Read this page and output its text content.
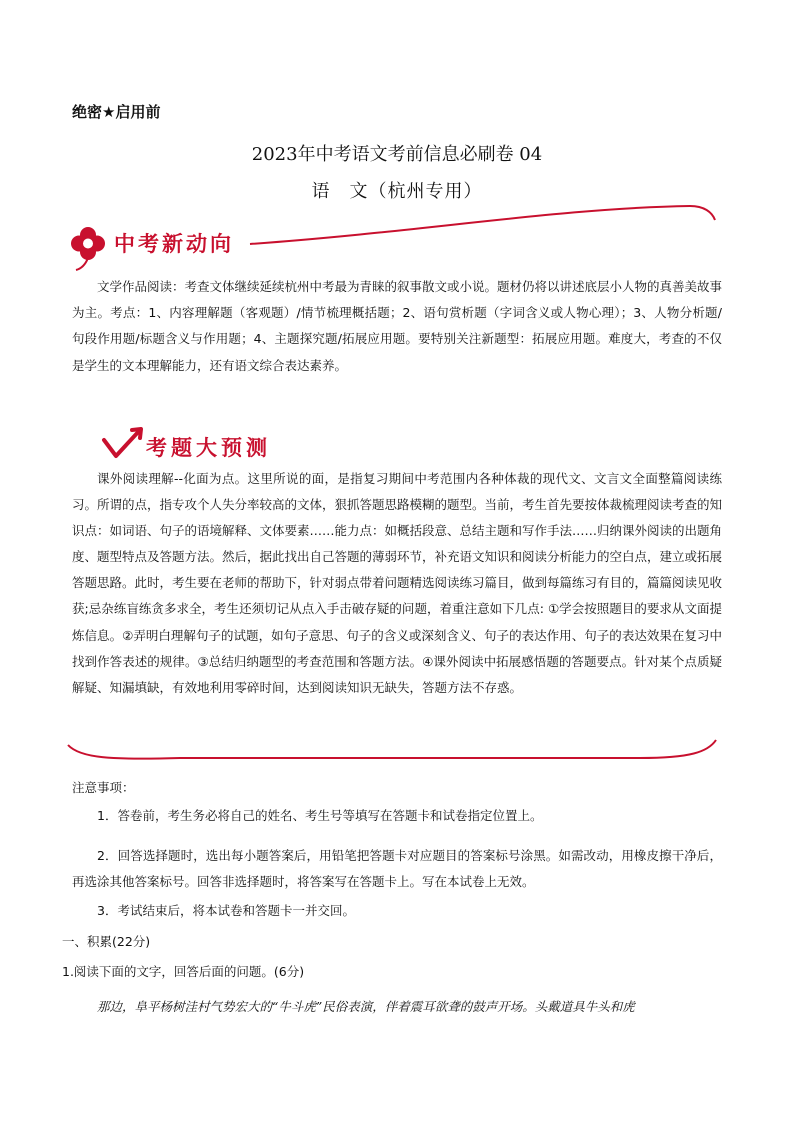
绝密★启用前
2023年中考语文考前信息必刷卷 04
语　文（杭州专用）
中考新动向
文学作品阅读：考查文体继续延续杭州中考最为青睐的叙事散文或小说。题材仍将以讲述底层小人物的真善美故事为主。考点：1、内容理解题（客观题）/情节梳理概括题；2、语句赏析题（字词含义或人物心理）；3、人物分析题/句段作用题/标题含义与作用题；4、主题探究题/拓展应用题。要特别关注新题型：拓展应用题。难度大，考查的不仅是学生的文本理解能力，还有语文综合表达素养。
考题大预测
课外阅读理解--化面为点。这里所说的面，是指复习期间中考范围内各种体裁的现代文、文言文全面整篇阅读练习。所谓的点，指专攻个人失分率较高的文体，狠抓答题思路模糊的题型。当前，考生首先要按体裁梳理阅读考查的知识点：如词语、句子的语境解释、文体要素……能力点：如概括段意、总结主题和写作手法……归纳课外阅读的出题角度、题型特点及答题方法。然后，据此找出自己答题的薄弱环节，补充语文知识和阅读分析能力的空白点，建立或拓展答题思路。此时，考生要在老师的帮助下，针对弱点带着问题精选阅读练习篇目，做到每篇练习有目的，篇篇阅读见收获;忌杂练盲练贪多求全，考生还须切记从点入手击破存疑的问题，着重注意如下几点: ①学会按照题目的要求从文面提炼信息。②弄明白理解句子的试题，如句子意思、句子的含义或深刻含义、句子的表达作用、句子的表达效果在复习中找到作答表述的规律。③总结归纳题型的考查范围和答题方法。④课外阅读中拓展感悟题的答题要点。针对某个点质疑解疑、知漏填缺，有效地利用零碎时间，达到阅读知识无缺失，答题方法不存惑。
注意事项：
1．答卷前，考生务必将自己的姓名、考生号等填写在答题卡和试卷指定位置上。
2．回答选择题时，选出每小题答案后，用铅笔把答题卡对应题目的答案标号涂黑。如需改动，用橡皮擦干净后，再选涂其他答案标号。回答非选择题时，将答案写在答题卡上。写在本试卷上无效。
3．考试结束后，将本试卷和答题卡一并交回。
一、积累(22分)
1.阅读下面的文字，回答后面的问题。(6分)
那边，阜平杨树洼村气势宏大的“牛斗虎”民俗表演，伴着震耳欲聋的鼓声开场。头戴道具牛头和虎
